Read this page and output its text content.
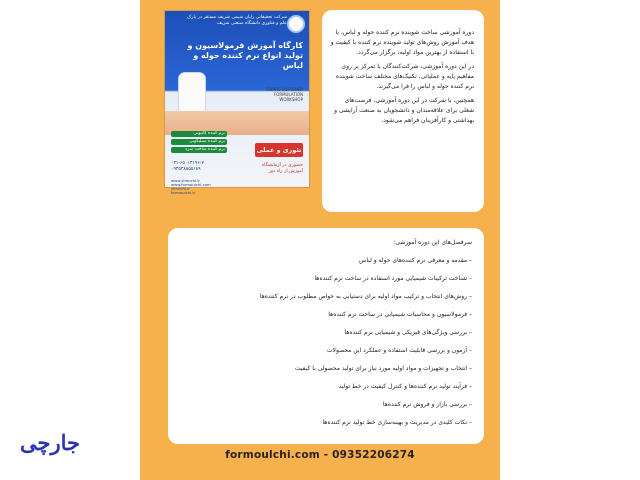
شرکت تحقیقاتی رایان شیمی شریف مستقر در پارک علم و فناوری دانشگاه صنعتی شریف
کارگاه آموزش فرمولاسیون و تولید انواع نرم کننده حوله و لباس
FABRIC SOFTENER FORMULATION WORKSHOP
نرم کننده کاتیونی
نرم کننده سیلیکونی
نرم کننده ساخت سرد	تئوری و عملی
۰۲۱-۶۵۰۱۳۱۹۶-۷
۰۹۳۵۳۸۸۵۵۱۸۹
حضوری در آزمایشگاه
آموزش از راه دور
www.ylmnchi.ir
www.formoulchi.com
ylmnchi.ir
formoulchi.ir

دوره آموزشی ساخت شوینده نرم کننده حوله و لباس، با هدف آموزش روش‌های تولید شوینده نرم کننده با کیفیت و با استفاده از بهترین مواد اولیه، برگزار می‌گردد.

در این دوره آموزشی، شرکت‌کنندگان با تمرکز بر روی مفاهیم پایه و عملیاتی، تکنیک‌های مختلف ساخت شوینده نرم کننده حوله و لباس را فرا می‌گیرند.

همچنین، با شرکت در این دوره آموزشی، فرصت‌های شغلی برای علاقه‌مندان و دانشجویان به صنعت آرایشی و بهداشتی و کارآفرینان فراهم می‌شود.

سرفصل‌های این دوره آموزشی:
– مقدمه و معرفی نرم کننده‌های حوله و لباس
– شناخت ترکیبات شیمیایی مورد استفاده در ساخت نرم کننده‌ها
– روش‌های انتخاب و ترکیب مواد اولیه برای دستیابی به خواص مطلوب در نرم کننده‌ها
– فرمولاسیون و محاسبات شیمیایی در ساخت نرم کننده‌ها
– بررسی ویژگی‌های فیزیکی و شیمیایی نرم کننده‌ها
– آزمون و بررسی قابلیت استفاده و عملکرد این محصولات
– انتخاب و تجهیزات و مواد اولیه مورد نیاز برای تولید محصولی با کیفیت
– فرآیند تولید نرم کننده‌ها و کنترل کیفیت در خط تولید
– بررسی بازار و فروش نرم کننده‌ها
– نکات کلیدی در مدیریت و بهینه‌سازی خط تولید نرم کننده‌ها
formoulchi.com - 09352206274
جارچی
